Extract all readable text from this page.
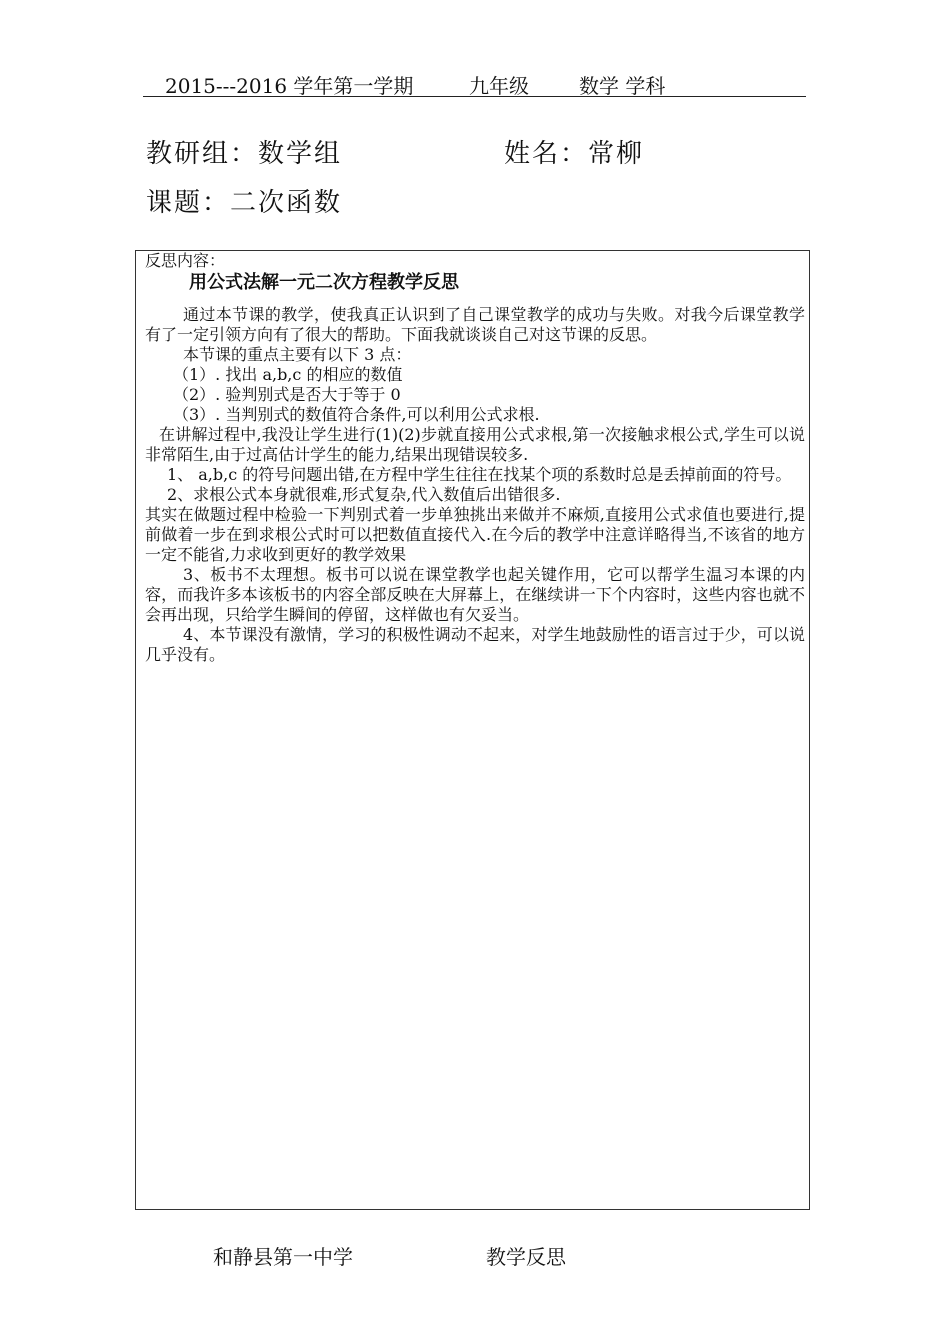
2015---2016 学年第一学期	九年级	数学 学科
教研组：数学组	姓名：常柳
课题：二次函数

反思内容：

用公式法解一元二次方程教学反思

通过本节课的教学，使我真正认识到了自己课堂教学的成功与失败。对我今后课堂教学有了一定引领方向有了很大的帮助。下面我就谈谈自己对这节课的反思。

本节课的重点主要有以下 3 点：

（1）. 找出 a,b,c 的相应的数值

（2）. 验判别式是否大于等于 0

（3）. 当判别式的数值符合条件,可以利用公式求根.

在讲解过程中,我没让学生进行(1)(2)步就直接用公式求根,第一次接触求根公式,学生可以说非常陌生,由于过高估计学生的能力,结果出现错误较多.

1、 a,b,c 的符号问题出错,在方程中学生往往在找某个项的系数时总是丢掉前面的符号。

2、求根公式本身就很难,形式复杂,代入数值后出错很多.

其实在做题过程中检验一下判别式着一步单独挑出来做并不麻烦,直接用公式求值也要进行,提前做着一步在到求根公式时可以把数值直接代入.在今后的教学中注意详略得当,不该省的地方一定不能省,力求收到更好的教学效果

3、板书不太理想。板书可以说在课堂教学也起关键作用，它可以帮学生温习本课的内容，而我许多本该板书的内容全部反映在大屏幕上，在继续讲一下个内容时，这些内容也就不会再出现，只给学生瞬间的停留，这样做也有欠妥当。

4、本节课没有激情，学习的积极性调动不起来，对学生地鼓励性的语言过于少，可以说几乎没有。

和静县第一中学	教学反思
